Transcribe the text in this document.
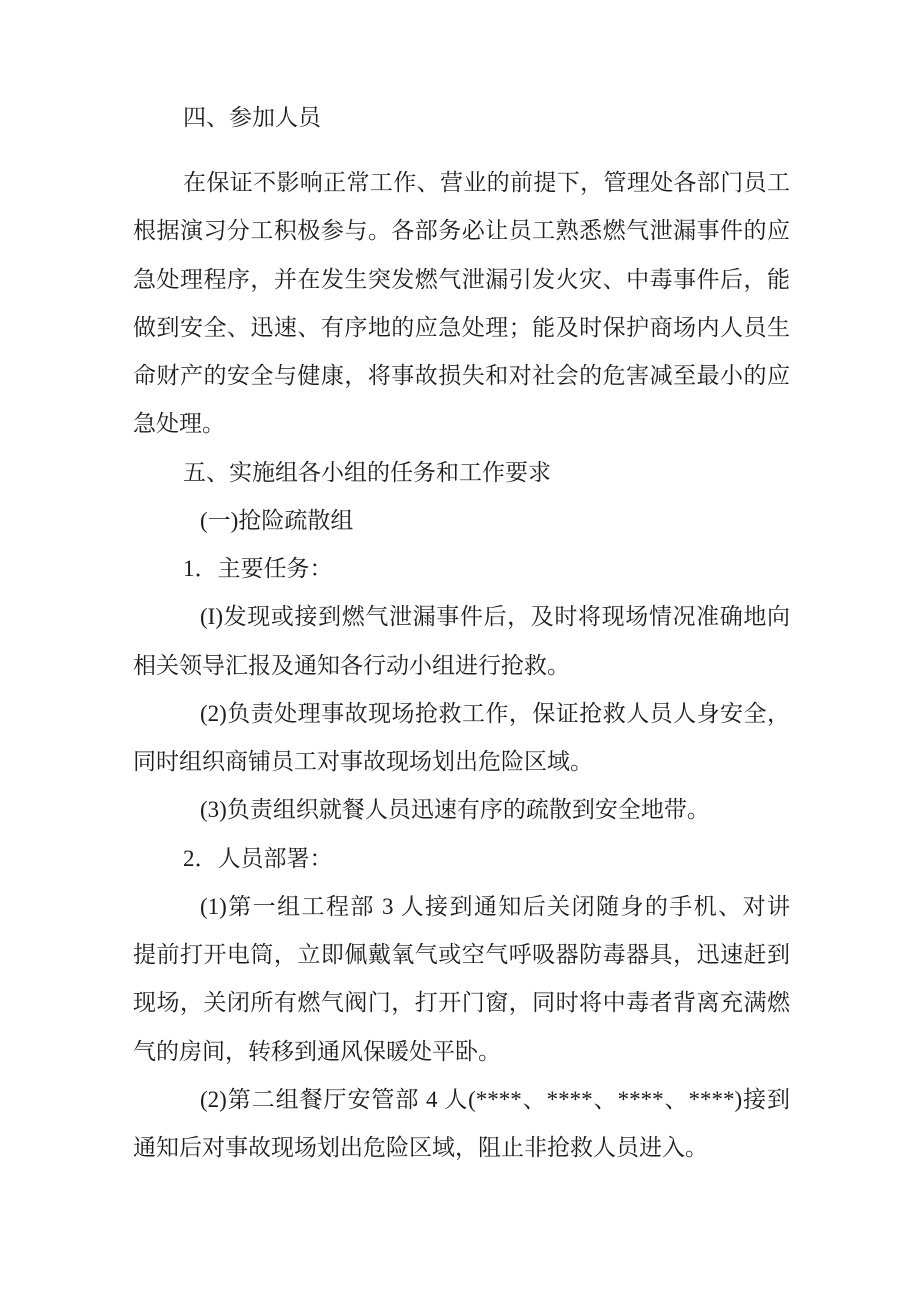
四、参加人员
在保证不影响正常工作、营业的前提下，管理处各部门员工
根据演习分工积极参与。各部务必让员工熟悉燃气泄漏事件的应
急处理程序，并在发生突发燃气泄漏引发火灾、中毒事件后，能
做到安全、迅速、有序地的应急处理；能及时保护商场内人员生
命财产的安全与健康，将事故损失和对社会的危害减至最小的应
急处理。
五、实施组各小组的任务和工作要求
(一)抢险疏散组
1．主要任务：
(I)发现或接到燃气泄漏事件后，及时将现场情况准确地向
相关领导汇报及通知各行动小组进行抢救。
(2)负责处理事故现场抢救工作，保证抢救人员人身安全，
同时组织商铺员工对事故现场划出危险区域。
(3)负责组织就餐人员迅速有序的疏散到安全地带。
2．人员部署：
(1)第一组工程部 3 人接到通知后关闭随身的手机、对讲
提前打开电筒，立即佩戴氧气或空气呼吸器防毒器具，迅速赶到
现场，关闭所有燃气阀门，打开门窗，同时将中毒者背离充满燃
气的房间，转移到通风保暖处平卧。
(2)第二组餐厅安管部 4 人(****、****、****、****)接到
通知后对事故现场划出危险区域，阻止非抢救人员进入。
